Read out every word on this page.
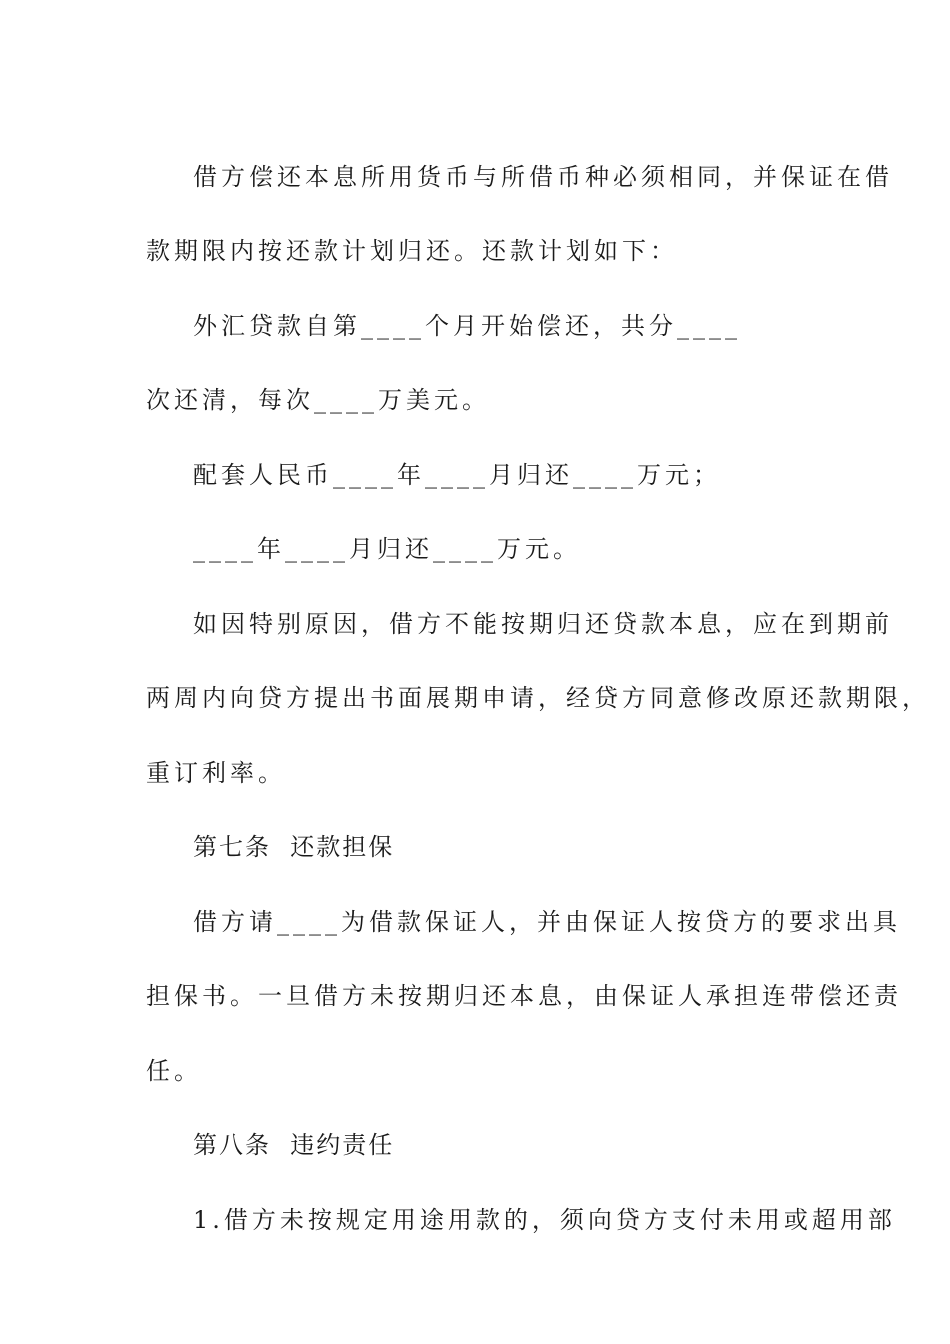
借方偿还本息所用货币与所借币种必须相同，并保证在借

款期限内按还款计划归还。还款计划如下：

外汇贷款自第____个月开始偿还，共分____

次还清，每次____万美元。

配套人民币____年____月归还____万元；

____年____月归还____万元。

如因特别原因，借方不能按期归还贷款本息，应在到期前

两周内向贷方提出书面展期申请，经贷方同意修改原还款期限，

重订利率。

第七条  还款担保

借方请____为借款保证人，并由保证人按贷方的要求出具

担保书。一旦借方未按期归还本息，由保证人承担连带偿还责

任。

第八条  违约责任

1.借方未按规定用途用款的，须向贷方支付未用或超用部
